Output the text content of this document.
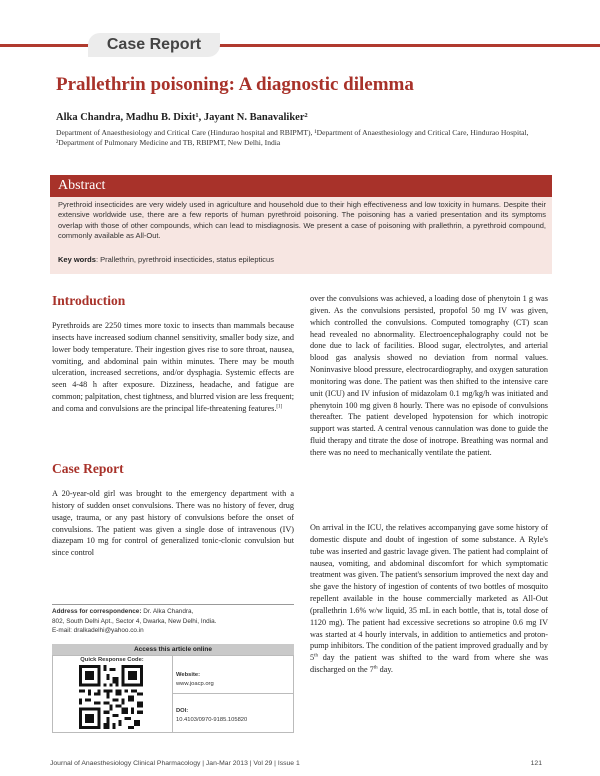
Case Report
Prallethrin poisoning: A diagnostic dilemma
Alka Chandra, Madhu B. Dixit¹, Jayant N. Banavaliker²
Department of Anaesthesiology and Critical Care (Hindurao hospital and RBIPMT), ¹Department of Anaesthesiology and Critical Care, Hindurao Hospital, ²Department of Pulmonary Medicine and TB, RBIPMT, New Delhi, India
Abstract
Pyrethroid insecticides are very widely used in agriculture and household due to their high effectiveness and low toxicity in humans. Despite their extensive worldwide use, there are a few reports of human pyrethroid poisoning. The poisoning has a varied presentation and its symptoms overlap with those of other compounds, which can lead to misdiagnosis. We present a case of poisoning with prallethrin, a pyrethroid compound, commonly available as All-Out.
Key words: Prallethrin, pyrethroid insecticides, status epilepticus
Introduction

Pyrethroids are 2250 times more toxic to insects than mammals because insects have increased sodium channel sensitivity, smaller body size, and lower body temperature. Their ingestion gives rise to sore throat, nausea, vomiting, and abdominal pain within minutes. There may be mouth ulceration, increased secretions, and/or dysphagia. Systemic effects are seen 4-48 h after exposure. Dizziness, headache, and fatigue are common; palpitation, chest tightness, and blurred vision are less frequent; and coma and convulsions are the principal life-threatening features.[1]

Case Report

A 20-year-old girl was brought to the emergency department with a history of sudden onset convulsions. There was no history of fever, drug usage, trauma, or any past history of convulsions before the onset of convulsions. The patient was given a single dose of intravenous (IV) diazepam 10 mg for control of generalized tonic-clonic convulsion but since control

over the convulsions was achieved, a loading dose of phenytoin 1 g was given. As the convulsions persisted, propofol 50 mg IV was given, which controlled the convulsions. Computed tomography (CT) scan head revealed no abnormality. Electroencephalography could not be done due to lack of facilities. Blood sugar, electrolytes, and arterial blood gas analysis showed no deviation from normal values. Noninvasive blood pressure, electrocardiography, and oxygen saturation monitoring was done. The patient was then shifted to the intensive care unit (ICU) and IV infusion of midazolam 0.1 mg/kg/h was initiated and phenytoin 100 mg given 8 hourly. There was no episode of convulsions thereafter. The patient developed hypotension for which inotropic support was started. A central venous cannulation was done to guide the fluid therapy and titrate the dose of inotrope. Breathing was normal and there was no need to mechanically ventilate the patient.

On arrival in the ICU, the relatives accompanying gave some history of domestic dispute and doubt of ingestion of some substance. A Ryle's tube was inserted and gastric lavage given. The patient had complaint of nausea, vomiting, and abdominal discomfort for which symptomatic treatment was given. The patient's sensorium improved the next day and she gave the history of ingestion of contents of two bottles of mosquito repellent available in the house commercially marketed as All-Out (prallethrin 1.6% w/w liquid, 35 mL in each bottle, that is, total dose of 1120 mg). The patient had excessive secretions so atropine 0.6 mg IV was started at 4 hourly intervals, in addition to antiemetics and proton-pump inhibitors. The condition of the patient improved gradually and by 5th day the patient was shifted to the ward from where she was discharged on the 7th day.

Address for correspondence: Dr. Alka Chandra,
802, South Delhi Apt., Sector 4, Dwarka, New Delhi, India.
E-mail: dralkadelhi@yahoo.co.in
Access this article online
Quick Response Code:
Website:
www.joacp.org
DOI:
10.4103/0970-9185.105820
Journal of Anaesthesiology Clinical Pharmacology | Jan-Mar 2013 | Vol 29 | Issue 1	121
